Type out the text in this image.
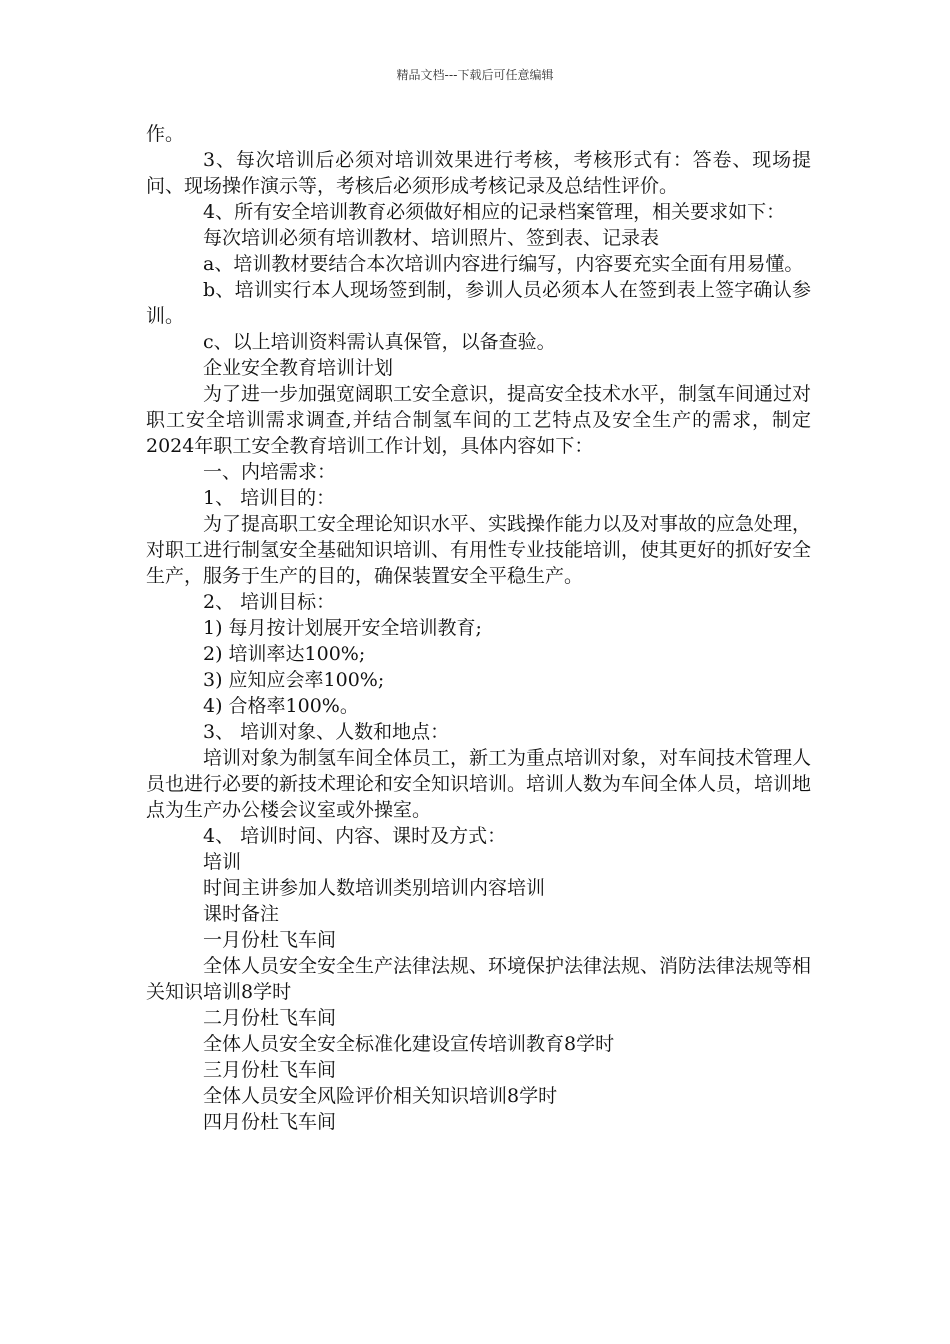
精品文档---下载后可任意编辑

作。

3、每次培训后必须对培训效果进行考核，考核形式有：答卷、现场提问、现场操作演示等，考核后必须形成考核记录及总结性评价。

4、所有安全培训教育必须做好相应的记录档案管理，相关要求如下：

每次培训必须有培训教材、培训照片、签到表、记录表

a、培训教材要结合本次培训内容进行编写，内容要充实全面有用易懂。

b、培训实行本人现场签到制，参训人员必须本人在签到表上签字确认参训。

c、以上培训资料需认真保管，以备查验。

企业安全教育培训计划

为了进一步加强宽阔职工安全意识，提高安全技术水平，制氢车间通过对职工安全培训需求调查,并结合制氢车间的工艺特点及安全生产的需求，制定2024年职工安全教育培训工作计划，具体内容如下：

一、内培需求：

1、 培训目的：

为了提高职工安全理论知识水平、实践操作能力以及对事故的应急处理，对职工进行制氢安全基础知识培训、有用性专业技能培训，使其更好的抓好安全生产，服务于生产的目的，确保装置安全平稳生产。

2、 培训目标：

1) 每月按计划展开安全培训教育;

2) 培训率达100%;

3) 应知应会率100%;

4) 合格率100%。

3、 培训对象、人数和地点：

培训对象为制氢车间全体员工，新工为重点培训对象，对车间技术管理人员也进行必要的新技术理论和安全知识培训。培训人数为车间全体人员，培训地点为生产办公楼会议室或外操室。

4、 培训时间、内容、课时及方式：

培训

时间主讲参加人数培训类别培训内容培训

课时备注

一月份杜飞车间

全体人员安全安全生产法律法规、环境保护法律法规、消防法律法规等相关知识培训8学时

二月份杜飞车间

全体人员安全安全标准化建设宣传培训教育8学时

三月份杜飞车间

全体人员安全风险评价相关知识培训8学时

四月份杜飞车间
